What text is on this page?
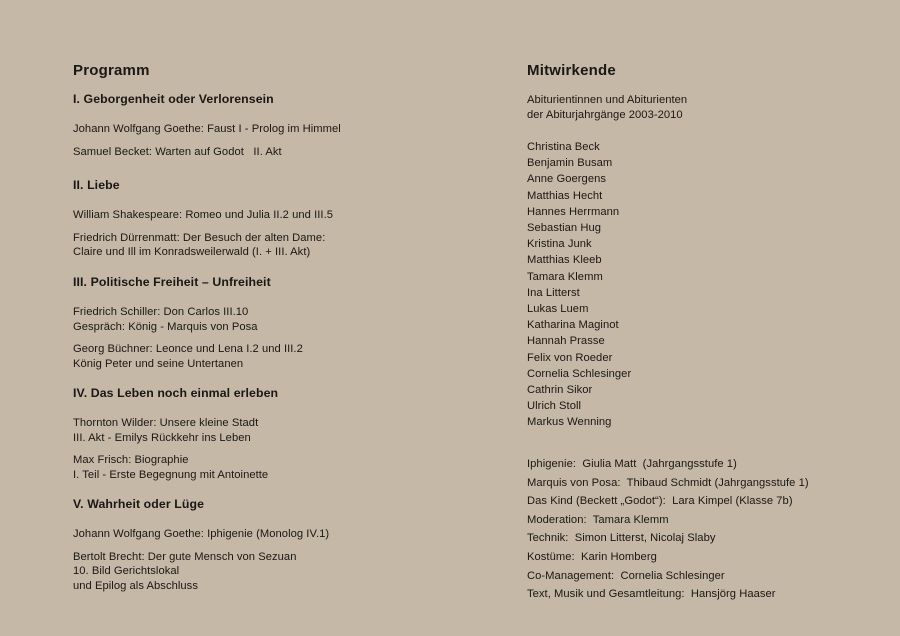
Programm
I. Geborgenheit oder Verlorensein
Johann Wolfgang Goethe: Faust I - Prolog im Himmel
Samuel Becket: Warten auf Godot   II. Akt
II. Liebe
William Shakespeare: Romeo und Julia II.2 und III.5
Friedrich Dürrenmatt: Der Besuch der alten Dame:
Claire und Ill im Konradsweilerwald (I. + III. Akt)
III. Politische Freiheit – Unfreiheit
Friedrich Schiller: Don Carlos III.10
Gespräch: König - Marquis von Posa
Georg Büchner: Leonce und Lena I.2 und III.2
König Peter und seine Untertanen
IV. Das Leben noch einmal erleben
Thornton Wilder: Unsere kleine Stadt
III. Akt - Emilys Rückkehr ins Leben
Max Frisch: Biographie
I. Teil - Erste Begegnung mit Antoinette
V. Wahrheit oder Lüge
Johann Wolfgang Goethe: Iphigenie (Monolog IV.1)
Bertolt Brecht: Der gute Mensch von Sezuan
10. Bild Gerichtslokal
und Epilog als Abschluss
Mitwirkende
Abiturientinnen und Abiturienten
der Abiturjahrgänge 2003-2010
Christina Beck
Benjamin Busam
Anne Goergens
Matthias Hecht
Hannes Herrmann
Sebastian Hug
Kristina Junk
Matthias Kleeb
Tamara Klemm
Ina Litterst
Lukas Luem
Katharina Maginot
Hannah Prasse
Felix von Roeder
Cornelia Schlesinger
Cathrin Sikor
Ulrich Stoll
Markus Wenning
Iphigenie:  Giulia Matt  (Jahrgangsstufe 1)
Marquis von Posa:  Thibaud Schmidt (Jahrgangsstufe 1)
Das Kind (Beckett „Godot“):  Lara Kimpel (Klasse 7b)
Moderation:  Tamara Klemm
Technik:  Simon Litterst, Nicolaj Slaby
Kostüme:  Karin Homberg
Co-Management:  Cornelia Schlesinger
Text, Musik und Gesamtleitung:  Hansjörg Haaser
